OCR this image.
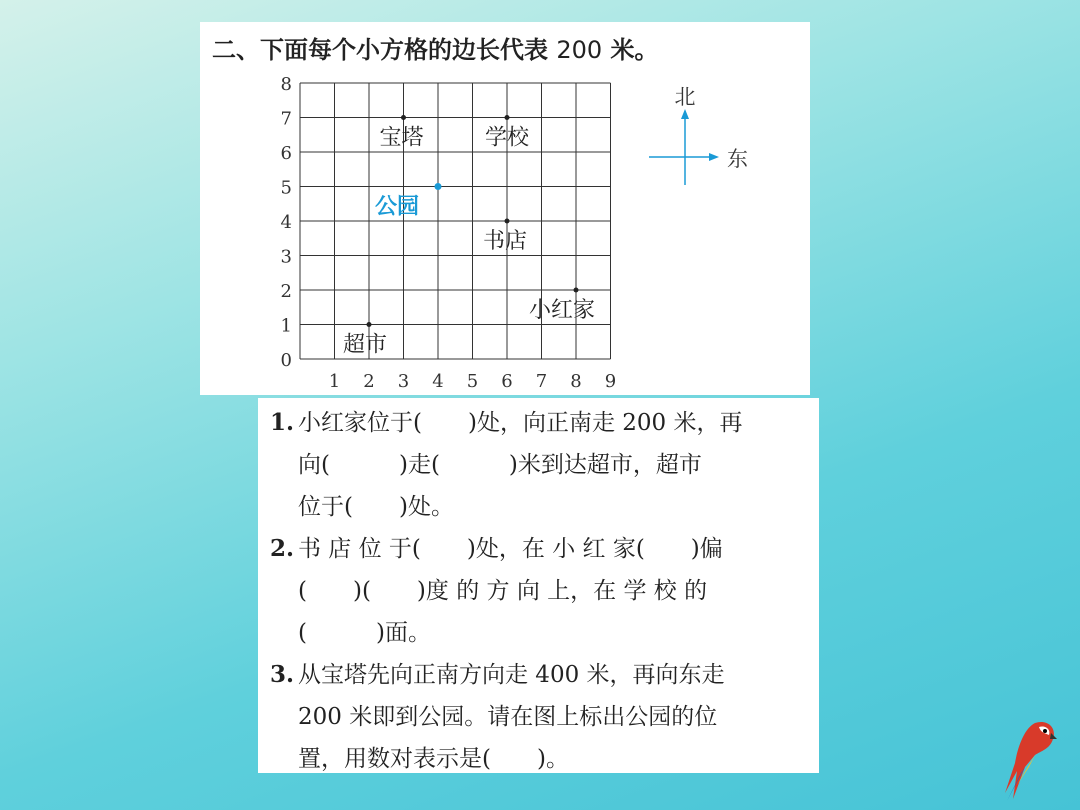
二、下面每个小方格的边长代表 200 米。
1 2 3 4 5 6 7 8 9
0
1
2
3
4
5
6
7
8
宝塔	学校
公园
书店
小红家
超市
北
东
1. 小红家位于(　　)处，向正南走 200 米，再
向(　　　)走(　　　)米到达超市，超市
位于(　　)处。
2. 书 店 位 于(　　)处，在 小 红 家(　　)偏
(　　)(　　)度 的 方 向 上，在 学 校 的
(　　　)面。
3. 从宝塔先向正南方向走 400 米，再向东走
200 米即到公园。请在图上标出公园的位
置，用数对表示是(　　)。
